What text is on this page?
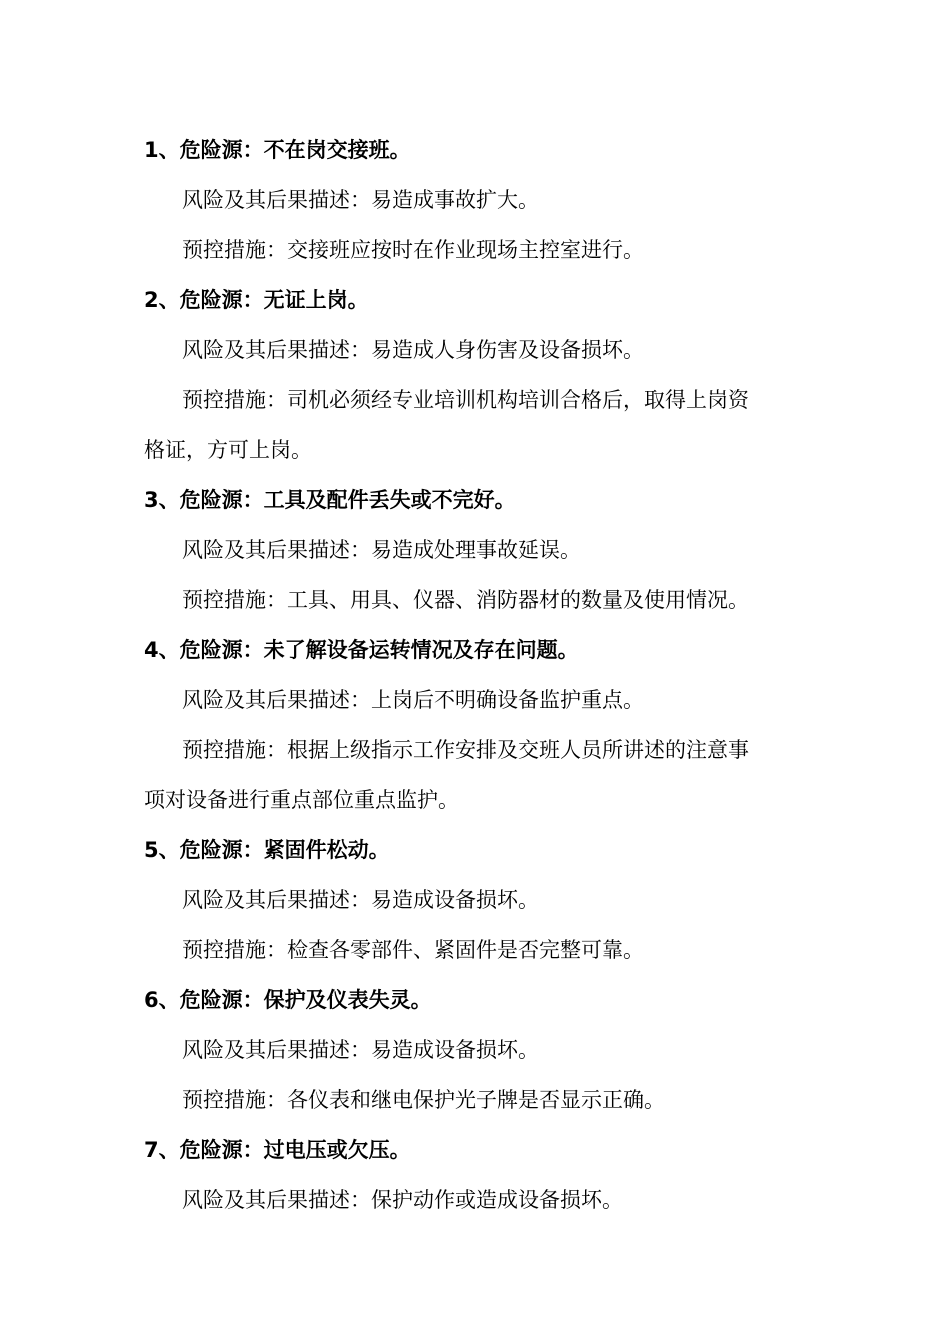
1、危险源：不在岗交接班。
风险及其后果描述：易造成事故扩大。
预控措施：交接班应按时在作业现场主控室进行。
2、危险源：无证上岗。
风险及其后果描述：易造成人身伤害及设备损坏。
预控措施：司机必须经专业培训机构培训合格后，取得上岗资
格证，方可上岗。
3、危险源：工具及配件丢失或不完好。
风险及其后果描述：易造成处理事故延误。
预控措施：工具、用具、仪器、消防器材的数量及使用情况。
4、危险源：未了解设备运转情况及存在问题。
风险及其后果描述：上岗后不明确设备监护重点。
预控措施：根据上级指示工作安排及交班人员所讲述的注意事
项对设备进行重点部位重点监护。
5、危险源：紧固件松动。
风险及其后果描述：易造成设备损坏。
预控措施：检查各零部件、紧固件是否完整可靠。
6、危险源：保护及仪表失灵。
风险及其后果描述：易造成设备损坏。
预控措施：各仪表和继电保护光子牌是否显示正确。
7、危险源：过电压或欠压。
风险及其后果描述：保护动作或造成设备损坏。
